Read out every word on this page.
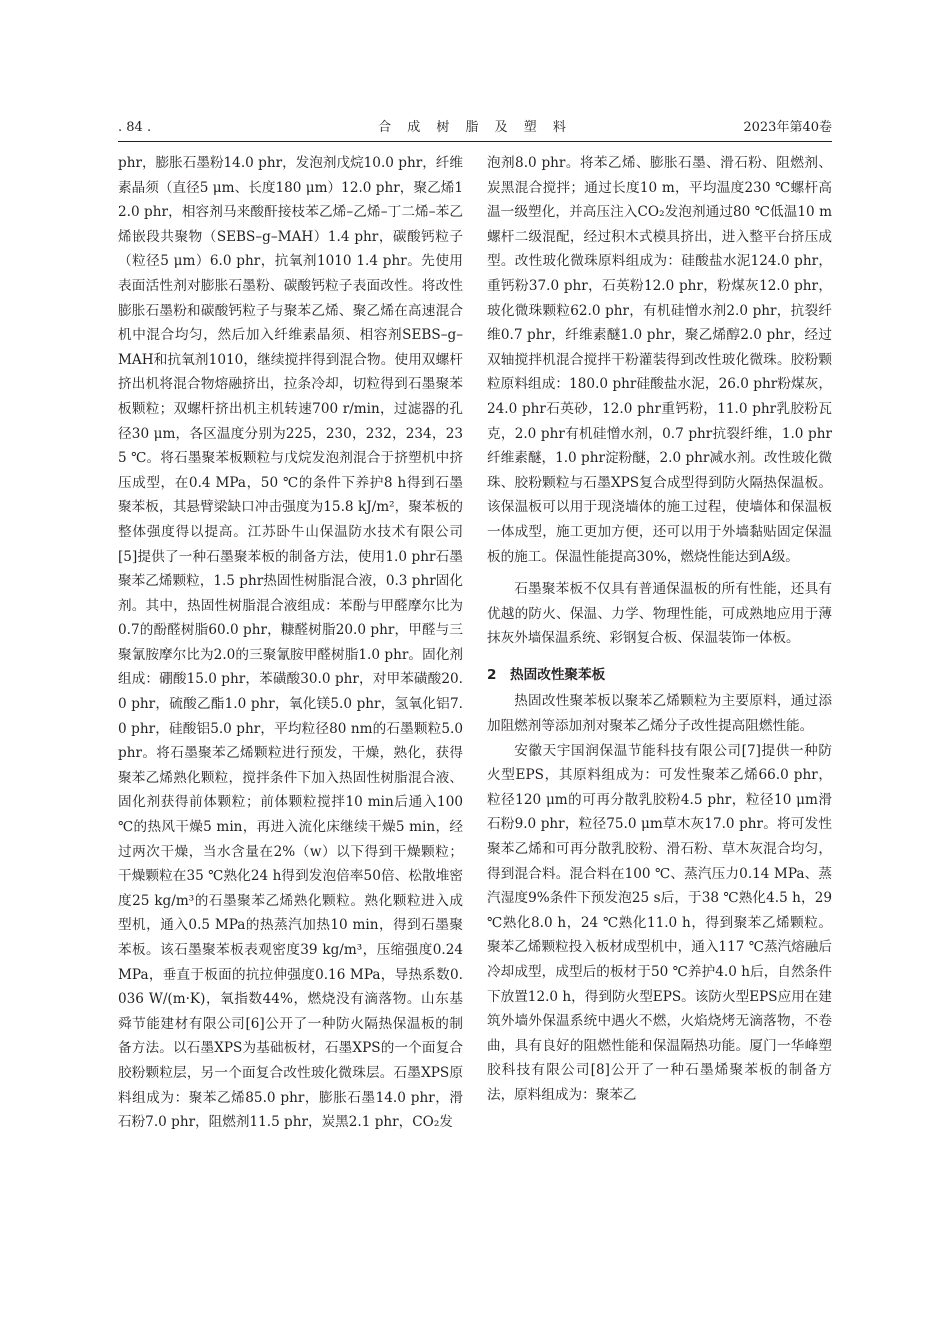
. 84 .	合 成 树 脂 及 塑 料	2023年第40卷

phr，膨胀石墨粉14.0 phr，发泡剂戊烷10.0 phr，纤维素晶须（直径5 μm、长度180 μm）12.0 phr，聚乙烯12.0 phr，相容剂马来酸酐接枝苯乙烯–乙烯–丁二烯–苯乙烯嵌段共聚物（SEBS–g–MAH）1.4 phr，碳酸钙粒子（粒径5 μm）6.0 phr，抗氧剂1010 1.4 phr。先使用表面活性剂对膨胀石墨粉、碳酸钙粒子表面改性。将改性膨胀石墨粉和碳酸钙粒子与聚苯乙烯、聚乙烯在高速混合机中混合均匀，然后加入纤维素晶须、相容剂SEBS–g–MAH和抗氧剂1010，继续搅拌得到混合物。使用双螺杆挤出机将混合物熔融挤出，拉条冷却，切粒得到石墨聚苯板颗粒；双螺杆挤出机主机转速700 r/min，过滤器的孔径30 μm，各区温度分别为225，230，232，234，235 ℃。将石墨聚苯板颗粒与戊烷发泡剂混合于挤塑机中挤压成型，在0.4 MPa，50 ℃的条件下养护8 h得到石墨聚苯板，其悬臂梁缺口冲击强度为15.8 kJ/m²，聚苯板的整体强度得以提高。江苏卧牛山保温防水技术有限公司[5]提供了一种石墨聚苯板的制备方法，使用1.0 phr石墨聚苯乙烯颗粒，1.5 phr热固性树脂混合液，0.3 phr固化剂。其中，热固性树脂混合液组成：苯酚与甲醛摩尔比为0.7的酚醛树脂60.0 phr，糠醛树脂20.0 phr，甲醛与三聚氰胺摩尔比为2.0的三聚氰胺甲醛树脂1.0 phr。固化剂组成：硼酸15.0 phr，苯磺酸30.0 phr，对甲苯磺酸20.0 phr，硫酸乙酯1.0 phr，氧化镁5.0 phr，氢氧化铝7.0 phr，硅酸铝5.0 phr，平均粒径80 nm的石墨颗粒5.0 phr。将石墨聚苯乙烯颗粒进行预发，干燥，熟化，获得聚苯乙烯熟化颗粒，搅拌条件下加入热固性树脂混合液、固化剂获得前体颗粒；前体颗粒搅拌10 min后通入100 ℃的热风干燥5 min，再进入流化床继续干燥5 min，经过两次干燥，当水含量在2%（w）以下得到干燥颗粒；干燥颗粒在35 ℃熟化24 h得到发泡倍率50倍、松散堆密度25 kg/m³的石墨聚苯乙烯熟化颗粒。熟化颗粒进入成型机，通入0.5 MPa的热蒸汽加热10 min，得到石墨聚苯板。该石墨聚苯板表观密度39 kg/m³，压缩强度0.24 MPa，垂直于板面的抗拉伸强度0.16 MPa，导热系数0.036 W/(m·K)，氧指数44%，燃烧没有滴落物。山东基舜节能建材有限公司[6]公开了一种防火隔热保温板的制备方法。以石墨XPS为基础板材，石墨XPS的一个面复合胶粉颗粒层，另一个面复合改性玻化微珠层。石墨XPS原料组成为：聚苯乙烯85.0 phr，膨胀石墨14.0 phr，滑石粉7.0 phr，阻燃剂11.5 phr，炭黑2.1 phr，CO₂发

泡剂8.0 phr。将苯乙烯、膨胀石墨、滑石粉、阻燃剂、炭黑混合搅拌；通过长度10 m，平均温度230 ℃螺杆高温一级塑化，并高压注入CO₂发泡剂通过80 ℃低温10 m螺杆二级混配，经过积木式模具挤出，进入整平台挤压成型。改性玻化微珠原料组成为：硅酸盐水泥124.0 phr，重钙粉37.0 phr，石英粉12.0 phr，粉煤灰12.0 phr，玻化微珠颗粒62.0 phr，有机硅憎水剂2.0 phr，抗裂纤维0.7 phr，纤维素醚1.0 phr，聚乙烯醇2.0 phr，经过双轴搅拌机混合搅拌干粉灌装得到改性玻化微珠。胶粉颗粒原料组成：180.0 phr硅酸盐水泥，26.0 phr粉煤灰，24.0 phr石英砂，12.0 phr重钙粉，11.0 phr乳胶粉瓦克，2.0 phr有机硅憎水剂，0.7 phr抗裂纤维，1.0 phr纤维素醚，1.0 phr淀粉醚，2.0 phr减水剂。改性玻化微珠、胶粉颗粒与石墨XPS复合成型得到防火隔热保温板。该保温板可以用于现浇墙体的施工过程，使墙体和保温板一体成型，施工更加方便，还可以用于外墙黏贴固定保温板的施工。保温性能提高30%，燃烧性能达到A级。

石墨聚苯板不仅具有普通保温板的所有性能，还具有优越的防火、保温、力学、物理性能，可成熟地应用于薄抹灰外墙保温系统、彩钢复合板、保温装饰一体板。

2　热固改性聚苯板

热固改性聚苯板以聚苯乙烯颗粒为主要原料，通过添加阻燃剂等添加剂对聚苯乙烯分子改性提高阻燃性能。

安徽天宇国润保温节能科技有限公司[7]提供一种防火型EPS，其原料组成为：可发性聚苯乙烯66.0 phr，粒径120 μm的可再分散乳胶粉4.5 phr，粒径10 μm滑石粉9.0 phr，粒径75.0 μm草木灰17.0 phr。将可发性聚苯乙烯和可再分散乳胶粉、滑石粉、草木灰混合均匀，得到混合料。混合料在100 ℃、蒸汽压力0.14 MPa、蒸汽湿度9%条件下预发泡25 s后，于38 ℃熟化4.5 h，29 ℃熟化8.0 h，24 ℃熟化11.0 h，得到聚苯乙烯颗粒。聚苯乙烯颗粒投入板材成型机中，通入117 ℃蒸汽熔融后冷却成型，成型后的板材于50 ℃养护4.0 h后，自然条件下放置12.0 h，得到防火型EPS。该防火型EPS应用在建筑外墙外保温系统中遇火不燃，火焰烧烤无滴落物，不卷曲，具有良好的阻燃性能和保温隔热功能。厦门一华峰塑胶科技有限公司[8]公开了一种石墨烯聚苯板的制备方法，原料组成为：聚苯乙
